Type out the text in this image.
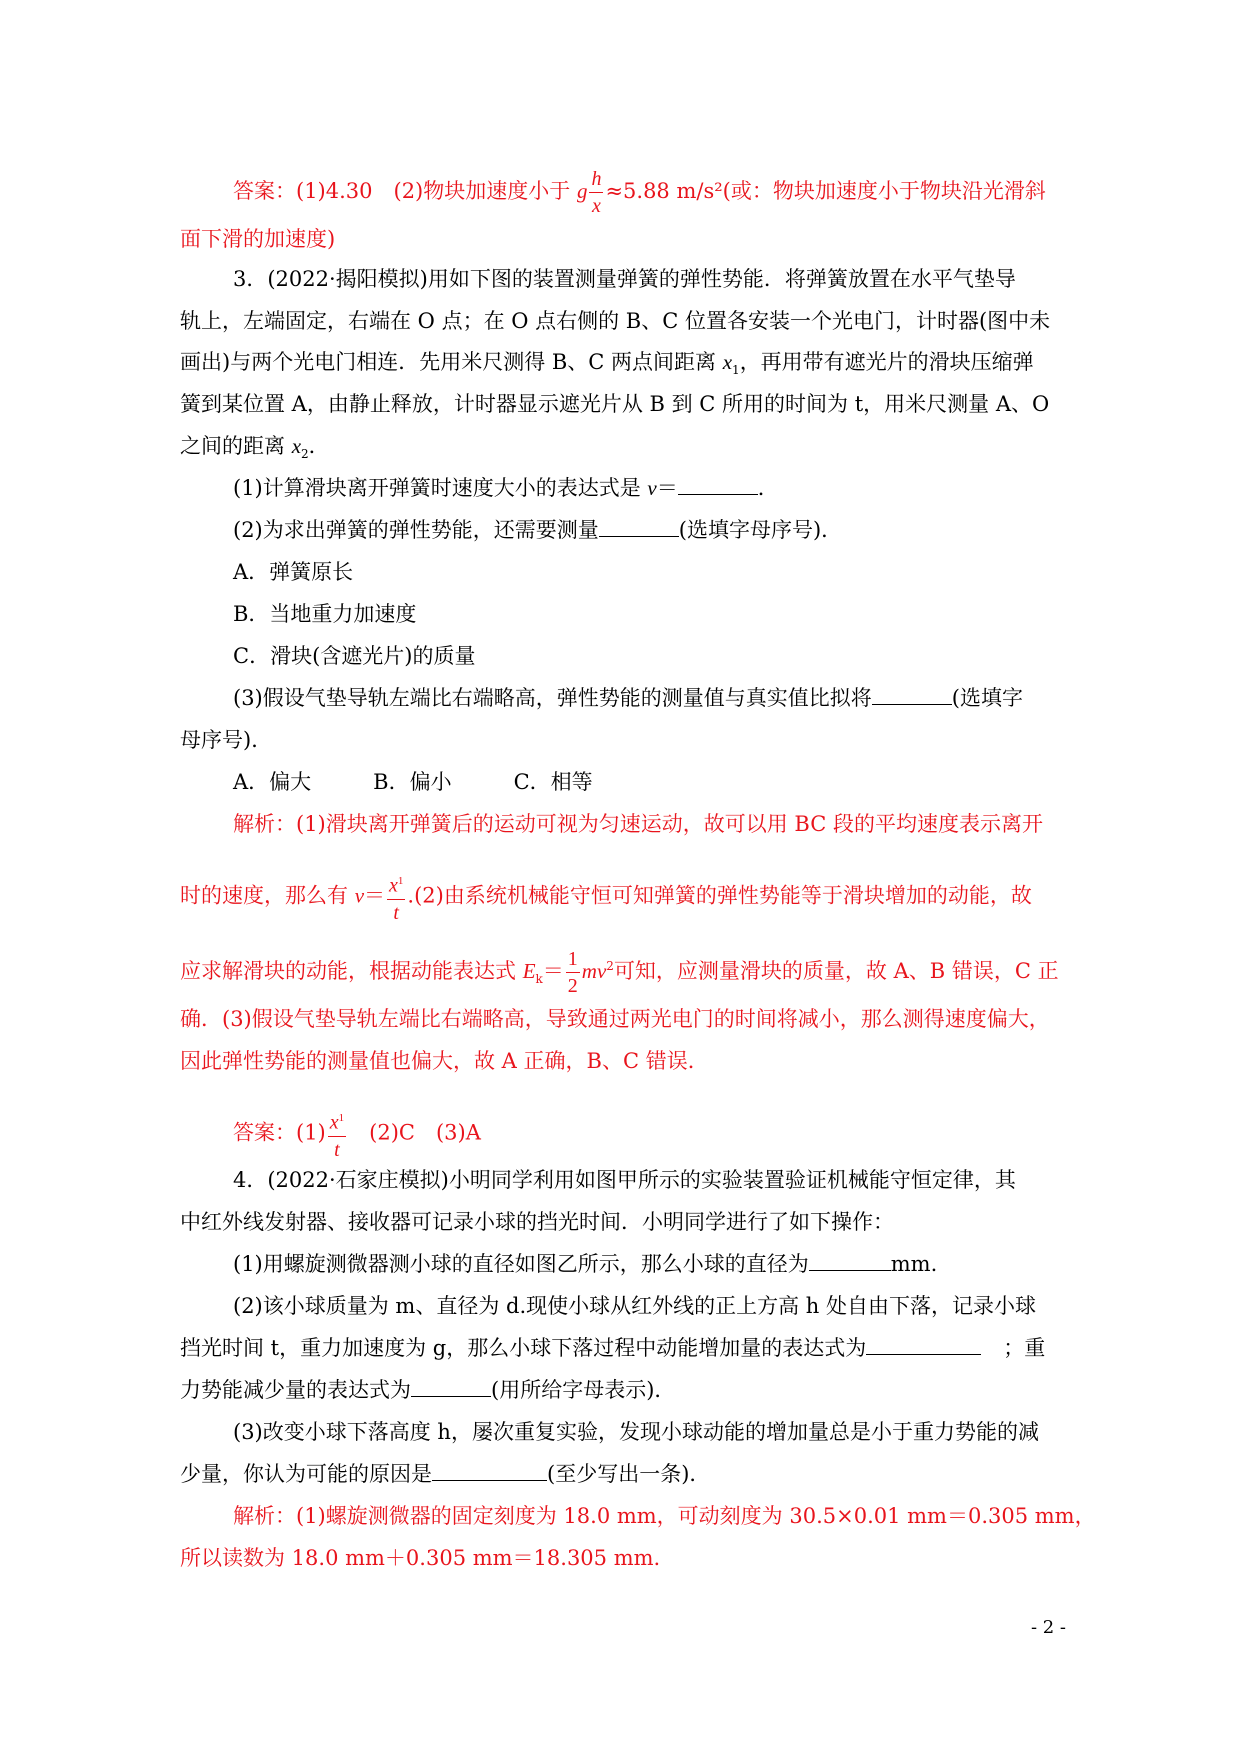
答案：(1)4.30　(2)物块加速度小于 g $\frac{h}{x} \approx 5.88$ m/s²(或：物块加速度小于物块沿光滑斜
面下滑的加速度)
3．(2022·揭阳模拟)用如下图的装置测量弹簧的弹性势能．将弹簧放置在水平气垫导
轨上，左端固定，右端在 O 点；在 O 点右侧的 B、C 位置各安装一个光电门，计时器(图中未
画出)与两个光电门相连．先用米尺测得 B、C 两点间距离 $x_1$，再用带有遮光片的滑块压缩弹
簧到某位置 A，由静止释放，计时器显示遮光片从 B 到 C 所用的时间为 t，用米尺测量 A、O
之间的距离 $x_2$．
(1)计算滑块离开弹簧时速度大小的表达式是 v＝	．
(2)为求出弹簧的弹性势能，还需要测量	(选填字母序号)．
A．弹簧原长
B．当地重力加速度
C．滑块(含遮光片)的质量
(3)假设气垫导轨左端比右端略高，弹性势能的测量值与真实值比拟将	(选填字
母序号)．
A．偏大	B．偏小	C．相等
解析：(1)滑块离开弹簧后的运动可视为匀速运动，故可以用 BC 段的平均速度表示离开
时的速度，那么有 $v= \frac{x^1}{t} .(2)$由系统机械能守恒可知弹簧的弹性势能等于滑块增加的动能，故
应求解滑块的动能，根据动能表达式 $E_k= \frac{1}{2} mv^2$可知，应测量滑块的质量，故 A、B 错误，C 正
确．(3)假设气垫导轨左端比右端略高，导致通过两光电门的时间将减小，那么测得速度偏大，
因此弹性势能的测量值也偏大，故 A 正确，B、C 错误．
答案：$(1) \frac{x^1}{t}$ 　(2)C　(3)A
4．(2022·石家庄模拟)小明同学利用如图甲所示的实验装置验证机械能守恒定律，其
中红外线发射器、接收器可记录小球的挡光时间．小明同学进行了如下操作：
(1)用螺旋测微器测小球的直径如图乙所示，那么小球的直径为	mm.
(2)该小球质量为 m、直径为 d.现使小球从红外线的正上方高 h 处自由下落，记录小球
挡光时间 t，重力加速度为 g，那么小球下落过程中动能增加量的表达式为	；重
力势能减少量的表达式为	(用所给字母表示)．
(3)改变小球下落高度 h，屡次重复实验，发现小球动能的增加量总是小于重力势能的减
少量，你认为可能的原因是	(至少写出一条)．
解析：(1)螺旋测微器的固定刻度为 18.0 mm，可动刻度为 30.5×0.01 mm＝0.305 mm，
所以读数为 18.0 mm＋0.305 mm＝18.305 mm.
- 2 -
